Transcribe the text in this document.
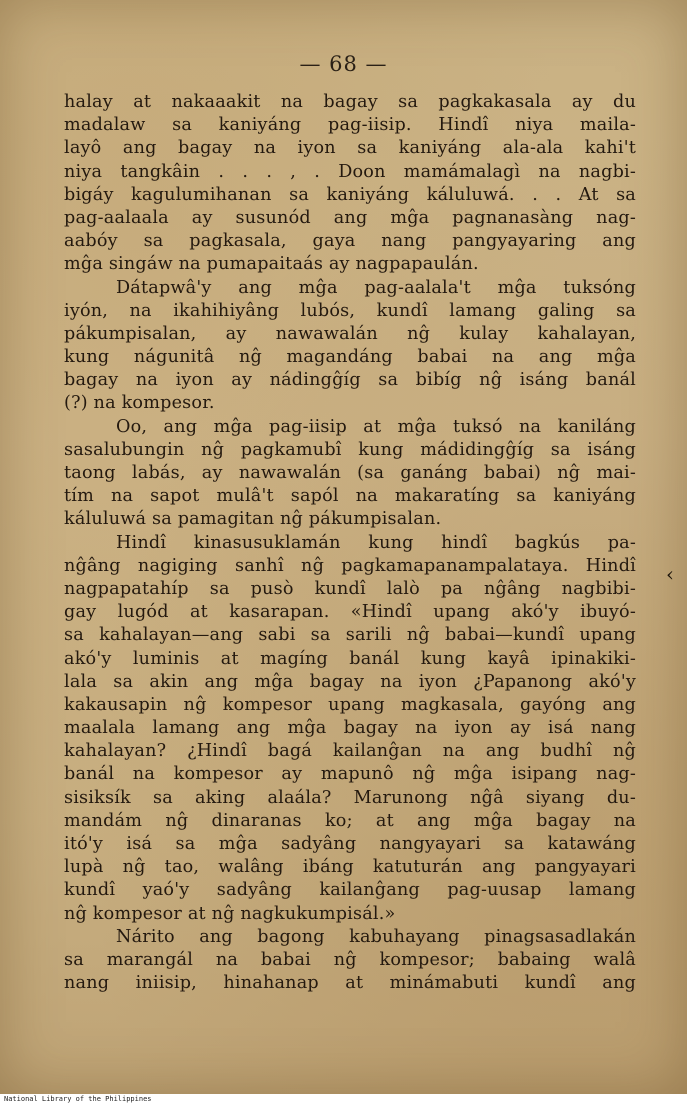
— 68 —
halay at nakaaakit na bagay sa pagkakasala ay du
madalaw sa kaniyáng pag-iisip. Hindî niya maila-
layô ang bagay na iyon sa kaniyáng ala-ala kahi't
niya tangkâin . . . , . Doon mamámalagì na nagbi-
bigáy kagulumihanan sa kaniyáng káluluwá. . . At sa
pag-aalaala ay susunód ang mĝa pagnanasàng nag-
aabóy sa pagkasala, gaya nang pangyayaring ang
mĝa singáw na pumapaitaás ay nagpapaulán.
Dátapwâ'y ang mĝa pag-aalala't mĝa tuksóng
iyón, na ikahihiyâng lubós, kundî lamang galing sa
pákumpisalan, ay nawawalán nĝ kulay kahalayan,
kung nágunitâ nĝ magandáng babai na ang mĝa
bagay na iyon ay nádingĝíg sa bibíg nĝ isáng banál
(?) na kompesor.
Oo, ang mĝa pag-iisip at mĝa tuksó na kaniláng
sasalubungin nĝ pagkamubî kung mádidingĝíg sa isáng
taong labás, ay nawawalán (sa ganáng babai) nĝ mai-
tím na sapot mulâ't sapól na makaratíng sa kaniyáng
káluluwá sa pamagitan nĝ pákumpisalan.
Hindî kinasusuklamán kung hindî bagkús pa-
nĝâng nagiging sanhî nĝ pagkamapanampalataya. Hindî
nagpapatahíp sa pusò kundî lalò pa nĝâng nagbibi-
gay lugód at kasarapan. «Hindî upang akó'y ibuyó-
sa kahalayan—ang sabi sa sarili nĝ babai—kundî upang
akó'y luminis at magíng banál kung kayâ ipinakiki-
lala sa akin ang mĝa bagay na iyon ¿Papanong akó'y
kakausapin nĝ kompesor upang magkasala, gayóng ang
maalala lamang ang mĝa bagay na iyon ay isá nang
kahalayan? ¿Hindî bagá kailanĝan na ang budhî nĝ
banál na kompesor ay mapunô nĝ mĝa isipang nag-
sisiksík sa aking alaála? Marunong nĝâ siyang du-
mandám nĝ dinaranas ko; at ang mĝa bagay na
itó'y isá sa mĝa sadyâng nangyayari sa katawáng
lupà nĝ tao, walâng ibáng katuturán ang pangyayari
kundî yaó'y sadyâng kailanĝang pag-uusap lamang
nĝ kompesor at nĝ nagkukumpisál.»
Nárito ang bagong kabuhayang pinagsasadlakán
sa marangál na babai nĝ kompesor; babaing walâ
nang iniisip, hinahanap at minámabuti kundî ang
‹
National Library of the Philippines
